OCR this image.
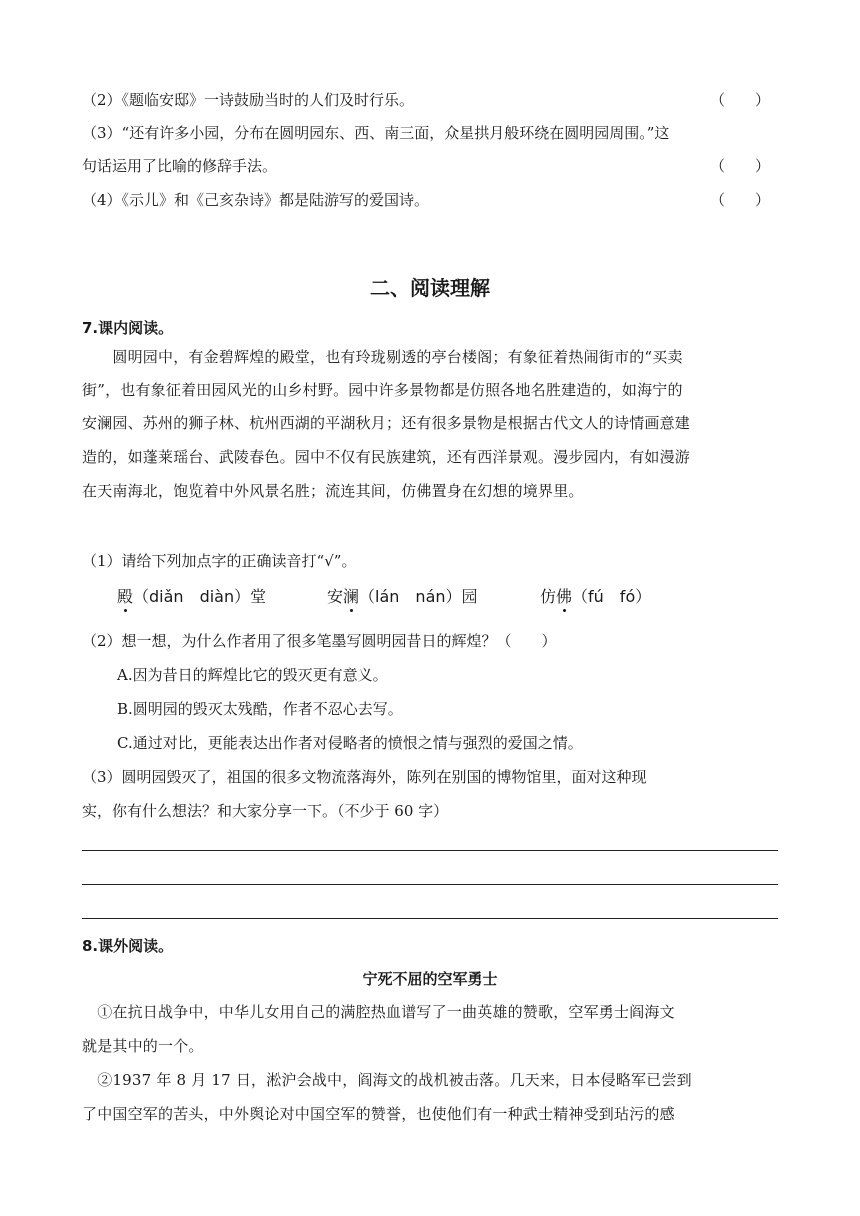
（2）《题临安邸》一诗鼓励当时的人们及时行乐。	（　　）
（3）“还有许多小园，分布在圆明园东、西、南三面，众星拱月般环绕在圆明园周围。”这
句话运用了比喻的修辞手法。	（　　）
（4）《示儿》和《己亥杂诗》都是陆游写的爱国诗。	（　　）
二、阅读理解
7.课内阅读。
　　圆明园中，有金碧辉煌的殿堂，也有玲珑剔透的亭台楼阁；有象征着热闹街市的“买卖
街”，也有象征着田园风光的山乡村野。园中许多景物都是仿照各地名胜建造的，如海宁的
安澜园、苏州的狮子林、杭州西湖的平湖秋月；还有很多景物是根据古代文人的诗情画意建
造的，如蓬莱瑶台、武陵春色。园中不仅有民族建筑，还有西洋景观。漫步园内，有如漫游
在天南海北，饱览着中外风景名胜；流连其间，仿佛置身在幻想的境界里。
（1）请给下列加点字的正确读音打“√”。
殿（diǎn　diàn）堂	安澜（lán　nán）园	仿佛（fú　fó）
（2）想一想，为什么作者用了很多笔墨写圆明园昔日的辉煌？（　　）
A.因为昔日的辉煌比它的毁灭更有意义。
B.圆明园的毁灭太残酷，作者不忍心去写。
C.通过对比，更能表达出作者对侵略者的愤恨之情与强烈的爱国之情。
（3）圆明园毁灭了，祖国的很多文物流落海外，陈列在别国的博物馆里，面对这种现
实，你有什么想法？和大家分享一下。（不少于 60 字）
8.课外阅读。
宁死不屈的空军勇士
　①在抗日战争中，中华儿女用自己的满腔热血谱写了一曲英雄的赞歌，空军勇士阎海文
就是其中的一个。
　②1937 年 8 月 17 日，淞沪会战中，阎海文的战机被击落。几天来，日本侵略军已尝到
了中国空军的苦头，中外舆论对中国空军的赞誉，也使他们有一种武士精神受到玷污的感
